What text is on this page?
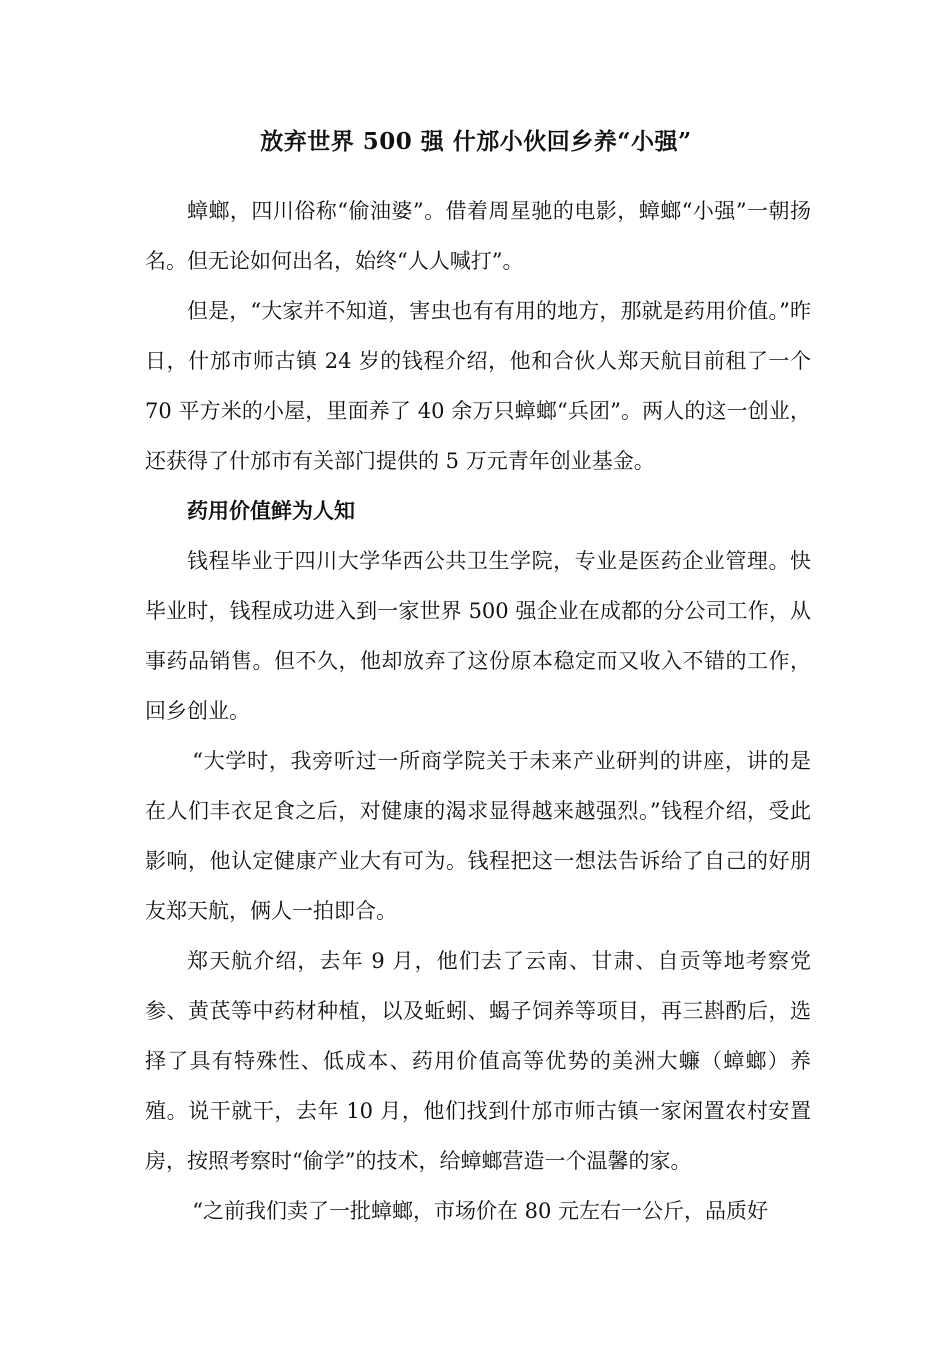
放弃世界 500 强 什邡小伙回乡养“小强”

蟑螂，四川俗称“偷油婆”。借着周星驰的电影，蟑螂“小强”一朝扬名。但无论如何出名，始终“人人喊打”。

但是，“大家并不知道，害虫也有有用的地方，那就是药用价值。”昨日，什邡市师古镇 24 岁的钱程介绍，他和合伙人郑天航目前租了一个 70 平方米的小屋，里面养了 40 余万只蟑螂“兵团”。两人的这一创业，还获得了什邡市有关部门提供的 5 万元青年创业基金。

药用价值鲜为人知

钱程毕业于四川大学华西公共卫生学院，专业是医药企业管理。快毕业时，钱程成功进入到一家世界 500 强企业在成都的分公司工作，从事药品销售。但不久，他却放弃了这份原本稳定而又收入不错的工作，回乡创业。

“大学时，我旁听过一所商学院关于未来产业研判的讲座，讲的是在人们丰衣足食之后，对健康的渴求显得越来越强烈。”钱程介绍，受此影响，他认定健康产业大有可为。钱程把这一想法告诉给了自己的好朋友郑天航，俩人一拍即合。

郑天航介绍，去年 9 月，他们去了云南、甘肃、自贡等地考察党参、黄芪等中药材种植，以及蚯蚓、蝎子饲养等项目，再三斟酌后，选择了具有特殊性、低成本、药用价值高等优势的美洲大蠊（蟑螂）养殖。说干就干，去年 10 月，他们找到什邡市师古镇一家闲置农村安置房，按照考察时“偷学”的技术，给蟑螂营造一个温馨的家。

“之前我们卖了一批蟑螂，市场价在 80 元左右一公斤，品质好
